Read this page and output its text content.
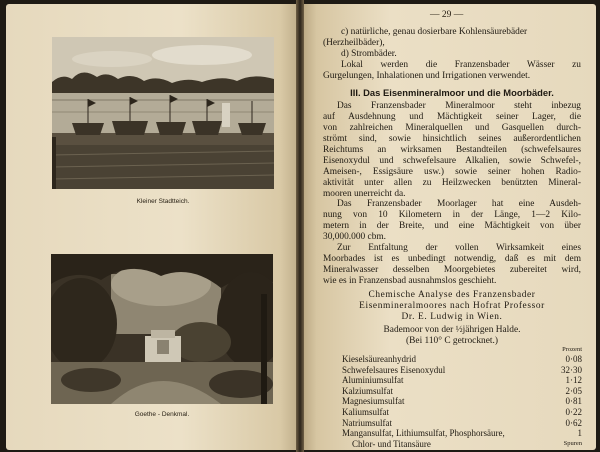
Kleiner Stadtteich.
Goethe - Denkmal.
— 29 —
c) natürliche, genau dosierbare Kohlensäurebäder
(Herzheilbäder),
d) Strombäder.
Lokal werden die Franzensbader Wässer zu
Gurgelungen, Inhalationen und Irrigationen verwendet.
III. Das Eisenmineralmoor und die Moorbäder.
Das Franzensbader Mineralmoor steht inbezug
auf Ausdehnung und Mächtigkeit seiner Lager, die
von zahlreichen Mineralquellen und Gasquellen durch-
strömt sind, sowie hinsichtlich seines außerordentlichen
Reichtums an wirksamen Bestandteilen (schwefelsaures
Eisenoxydul und schwefelsaure Alkalien, sowie Schwefel-,
Ameisen-, Essigsäure usw.) sowie seiner hohen Radio-
aktivität unter allen zu Heilzwecken benützten Mineral-
mooren unerreicht da.
Das Franzensbader Moorlager hat eine Ausdeh-
nung von 10 Kilometern in der Länge, 1—2 Kilo-
metern in der Breite, und eine Mächtigkeit von über
30,000.000 cbm.
Zur Entfaltung der vollen Wirksamkeit eines
Moorbades ist es unbedingt notwendig, daß es mit dem
Mineralwasser desselben Moorgebietes zubereitet wird,
wie es in Franzensbad ausnahmslos geschieht.
Chemische Analyse des Franzensbader
Eisenmineralmoores nach Hofrat Professor
Dr. E. Ludwig in Wien.
Bademoor von der ½jährigen Halde.
(Bei 110° C getrocknet.)
Prozent
Kieselsäureanhydrid	0·08
Schwefelsaures Eisenoxydul	32·30
Aluminiumsulfat	1·12
Kalziumsulfat	2·05
Magnesiumsulfat	0·81
Kaliumsulfat	0·22
Natriumsulfat	0·62
Mangansulfat, Lithiumsulfat, Phosphorsäure,	1
Chlor- und Titansäure	Spuren
